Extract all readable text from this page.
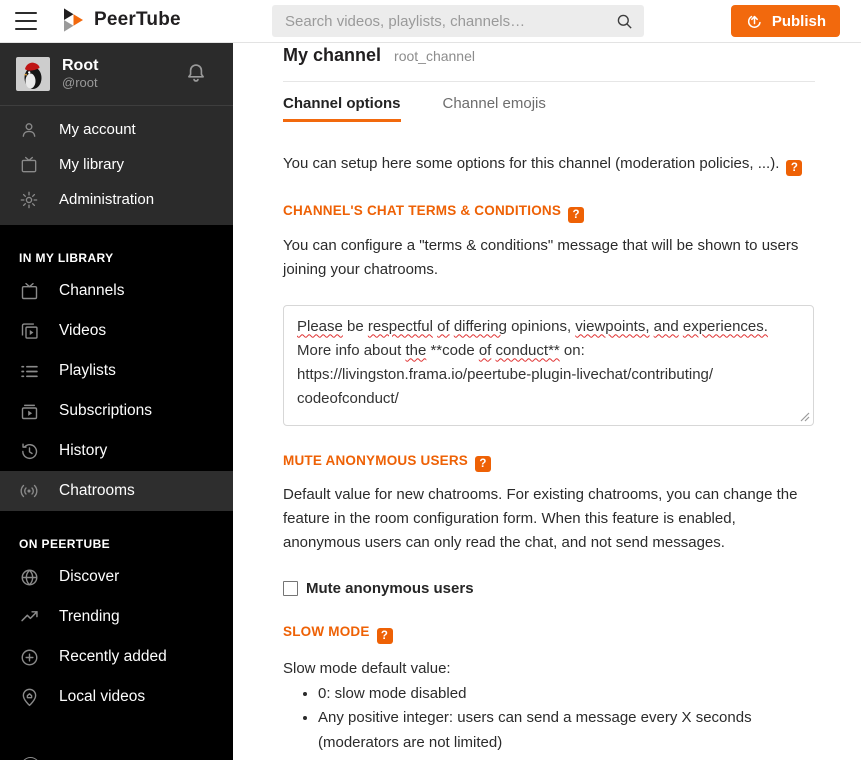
PeerTube
Search videos, playlists, channels…	Publish
Root
@root
My account
My library
Administration
IN MY LIBRARY
Channels
Videos
Playlists
Subscriptions
History
Chatrooms
ON PEERTUBE
Discover
Trending
Recently added
Local videos
My channel root_channel
Channel options	Channel emojis

You can setup here some options for this channel (moderation policies, ...). ?

CHANNEL'S CHAT TERMS & CONDITIONS ?

You can configure a "terms & conditions" message that will be shown to users joining your chatrooms.

Please be respectful of differing opinions, viewpoints, and experiences.
More info about the **code of conduct** on:
https://livingston.frama.io/peertube-plugin-livechat/contributing/
codeofconduct/
MUTE ANONYMOUS USERS ?

Default value for new chatrooms. For existing chatrooms, you can change the feature in the room configuration form. When this feature is enabled, anonymous users can only read the chat, and not send messages.

Mute anonymous users
SLOW MODE ?

Slow mode default value:

• 0: slow mode disabled
• Any positive integer: users can send a message every X seconds (moderators are not limited)
